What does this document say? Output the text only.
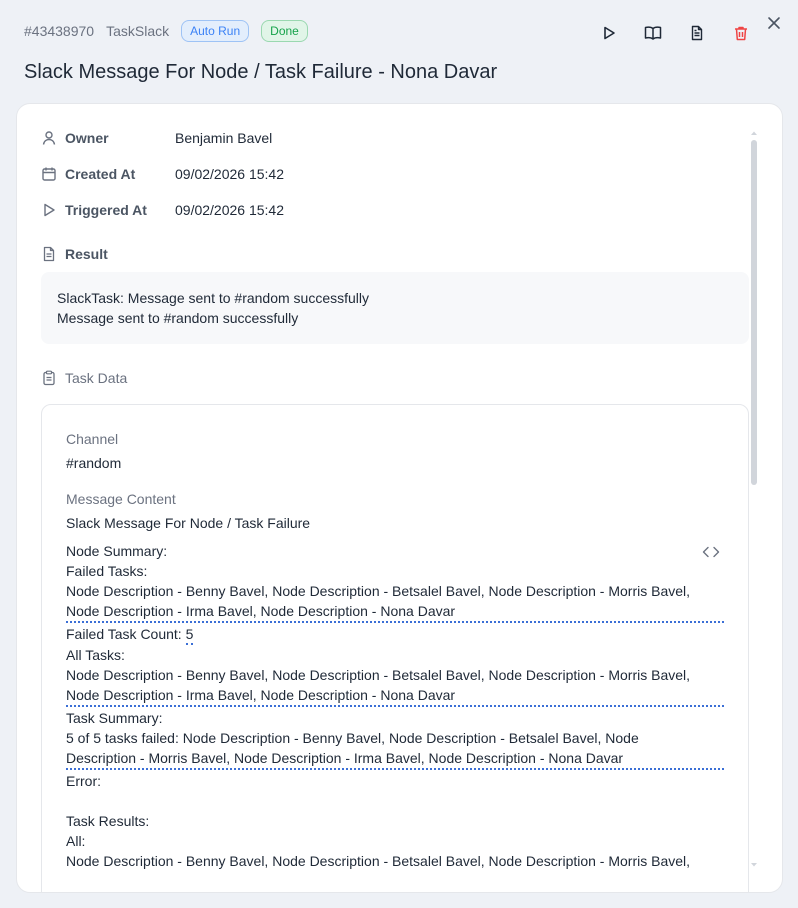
#43438970 TaskSlack	Auto Run	Done
Slack Message For Node / Task Failure - Nona Davar
Owner	Benjamin Bavel
Created At	09/02/2026 15:42
Triggered At	09/02/2026 15:42
Result
SlackTask: Message sent to #random successfully
Message sent to #random successfully
Task Data
Channel
#random
Message Content
Slack Message For Node / Task Failure
Node Summary:
Failed Tasks:
Node Description - Benny Bavel, Node Description - Betsalel Bavel, Node Description - Morris Bavel,
Node Description - Irma Bavel, Node Description - Nona Davar
Failed Task Count: 5
All Tasks:
Node Description - Benny Bavel, Node Description - Betsalel Bavel, Node Description - Morris Bavel,
Node Description - Irma Bavel, Node Description - Nona Davar
Task Summary:
5 of 5 tasks failed: Node Description - Benny Bavel, Node Description - Betsalel Bavel, Node
Description - Morris Bavel, Node Description - Irma Bavel, Node Description - Nona Davar
Error:
Task Results:
All:
Node Description - Benny Bavel, Node Description - Betsalel Bavel, Node Description - Morris Bavel,
